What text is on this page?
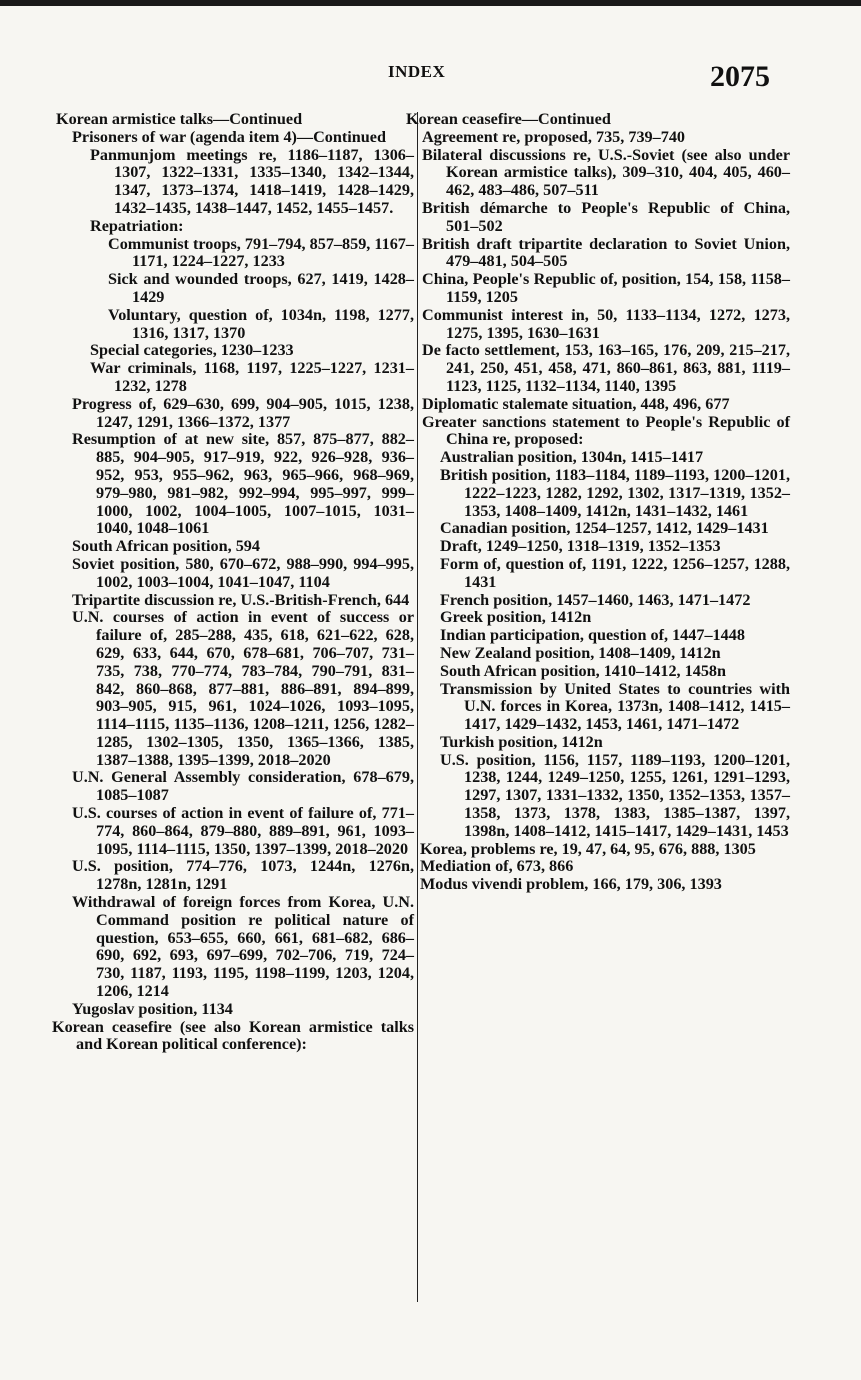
INDEX	2075
Korean armistice talks—Continued
Prisoners of war (agenda item 4)—Continued
Panmunjom meetings re, 1186–1187, 1306–1307, 1322–1331, 1335–1340, 1342–1344, 1347, 1373–1374, 1418–1419, 1428–1429, 1432–1435, 1438–1447, 1452, 1455–1457.
Repatriation:
Communist troops, 791–794, 857–859, 1167–1171, 1224–1227, 1233
Sick and wounded troops, 627, 1419, 1428–1429
Voluntary, question of, 1034n, 1198, 1277, 1316, 1317, 1370
Special categories, 1230–1233
War criminals, 1168, 1197, 1225–1227, 1231–1232, 1278
Progress of, 629–630, 699, 904–905, 1015, 1238, 1247, 1291, 1366–1372, 1377
Resumption of at new site, 857, 875–877, 882–885, 904–905, 917–919, 922, 926–928, 936–952, 953, 955–962, 963, 965–966, 968–969, 979–980, 981–982, 992–994, 995–997, 999–1000, 1002, 1004–1005, 1007–1015, 1031–1040, 1048–1061
South African position, 594
Soviet position, 580, 670–672, 988–990, 994–995, 1002, 1003–1004, 1041–1047, 1104
Tripartite discussion re, U.S.-British-French, 644
U.N. courses of action in event of success or failure of, 285–288, 435, 618, 621–622, 628, 629, 633, 644, 670, 678–681, 706–707, 731–735, 738, 770–774, 783–784, 790–791, 831–842, 860–868, 877–881, 886–891, 894–899, 903–905, 915, 961, 1024–1026, 1093–1095, 1114–1115, 1135–1136, 1208–1211, 1256, 1282–1285, 1302–1305, 1350, 1365–1366, 1385, 1387–1388, 1395–1399, 2018–2020
U.N. General Assembly consideration, 678–679, 1085–1087
U.S. courses of action in event of failure of, 771–774, 860–864, 879–880, 889–891, 961, 1093–1095, 1114–1115, 1350, 1397–1399, 2018–2020
U.S. position, 774–776, 1073, 1244n, 1276n, 1278n, 1281n, 1291
Withdrawal of foreign forces from Korea, U.N. Command position re political nature of question, 653–655, 660, 661, 681–682, 686–690, 692, 693, 697–699, 702–706, 719, 724–730, 1187, 1193, 1195, 1198–1199, 1203, 1204, 1206, 1214
Yugoslav position, 1134
Korean ceasefire (see also Korean armistice talks and Korean political conference):
Korean ceasefire—Continued
Agreement re, proposed, 735, 739–740
Bilateral discussions re, U.S.-Soviet (see also under Korean armistice talks), 309–310, 404, 405, 460–462, 483–486, 507–511
British démarche to People's Republic of China, 501–502
British draft tripartite declaration to Soviet Union, 479–481, 504–505
China, People's Republic of, position, 154, 158, 1158–1159, 1205
Communist interest in, 50, 1133–1134, 1272, 1273, 1275, 1395, 1630–1631
De facto settlement, 153, 163–165, 176, 209, 215–217, 241, 250, 451, 458, 471, 860–861, 863, 881, 1119–1123, 1125, 1132–1134, 1140, 1395
Diplomatic stalemate situation, 448, 496, 677
Greater sanctions statement to People's Republic of China re, proposed:
Australian position, 1304n, 1415–1417
British position, 1183–1184, 1189–1193, 1200–1201, 1222–1223, 1282, 1292, 1302, 1317–1319, 1352–1353, 1408–1409, 1412n, 1431–1432, 1461
Canadian position, 1254–1257, 1412, 1429–1431
Draft, 1249–1250, 1318–1319, 1352–1353
Form of, question of, 1191, 1222, 1256–1257, 1288, 1431
French position, 1457–1460, 1463, 1471–1472
Greek position, 1412n
Indian participation, question of, 1447–1448
New Zealand position, 1408–1409, 1412n
South African position, 1410–1412, 1458n
Transmission by United States to countries with U.N. forces in Korea, 1373n, 1408–1412, 1415–1417, 1429–1432, 1453, 1461, 1471–1472
Turkish position, 1412n
U.S. position, 1156, 1157, 1189–1193, 1200–1201, 1238, 1244, 1249–1250, 1255, 1261, 1291–1293, 1297, 1307, 1331–1332, 1350, 1352–1353, 1357–1358, 1373, 1378, 1383, 1385–1387, 1397, 1398n, 1408–1412, 1415–1417, 1429–1431, 1453
Korea, problems re, 19, 47, 64, 95, 676, 888, 1305
Mediation of, 673, 866
Modus vivendi problem, 166, 179, 306, 1393
